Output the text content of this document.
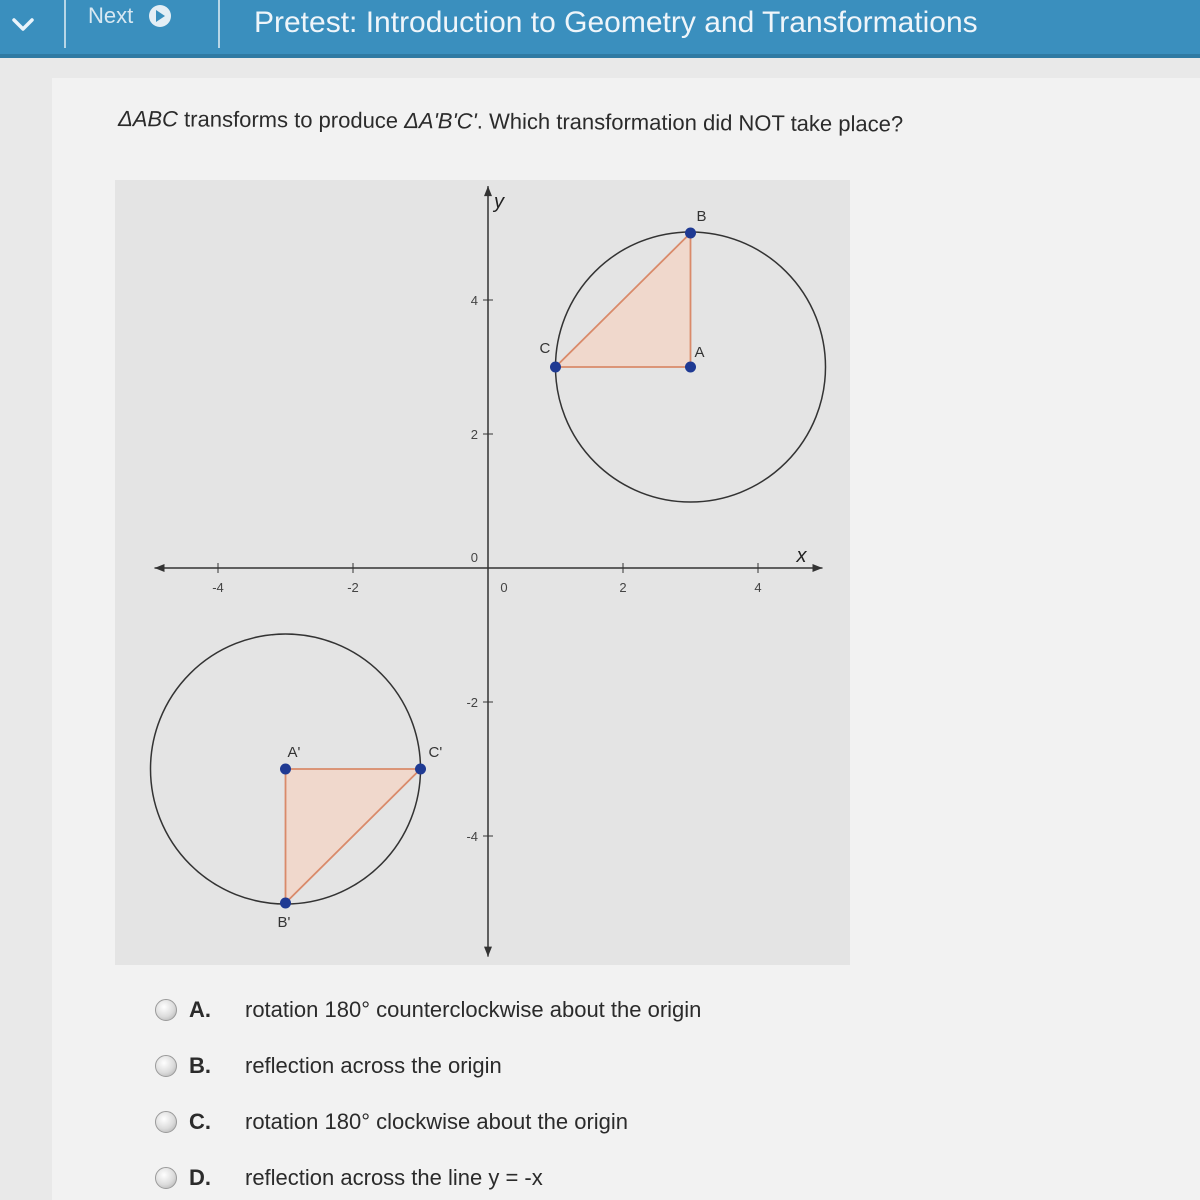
Next	Pretest: Introduction to Geometry and Transformations
ΔABC transforms to produce ΔA'B'C'. Which transformation did NOT take place?
x
y
-4	-2	0	2	4
-4
-2
0
2
4
A
B
C
A'
B'
C'
A.	rotation 180° counterclockwise about the origin
B.	reflection across the origin
C.	rotation 180° clockwise about the origin
D.	reflection across the line y = -x
